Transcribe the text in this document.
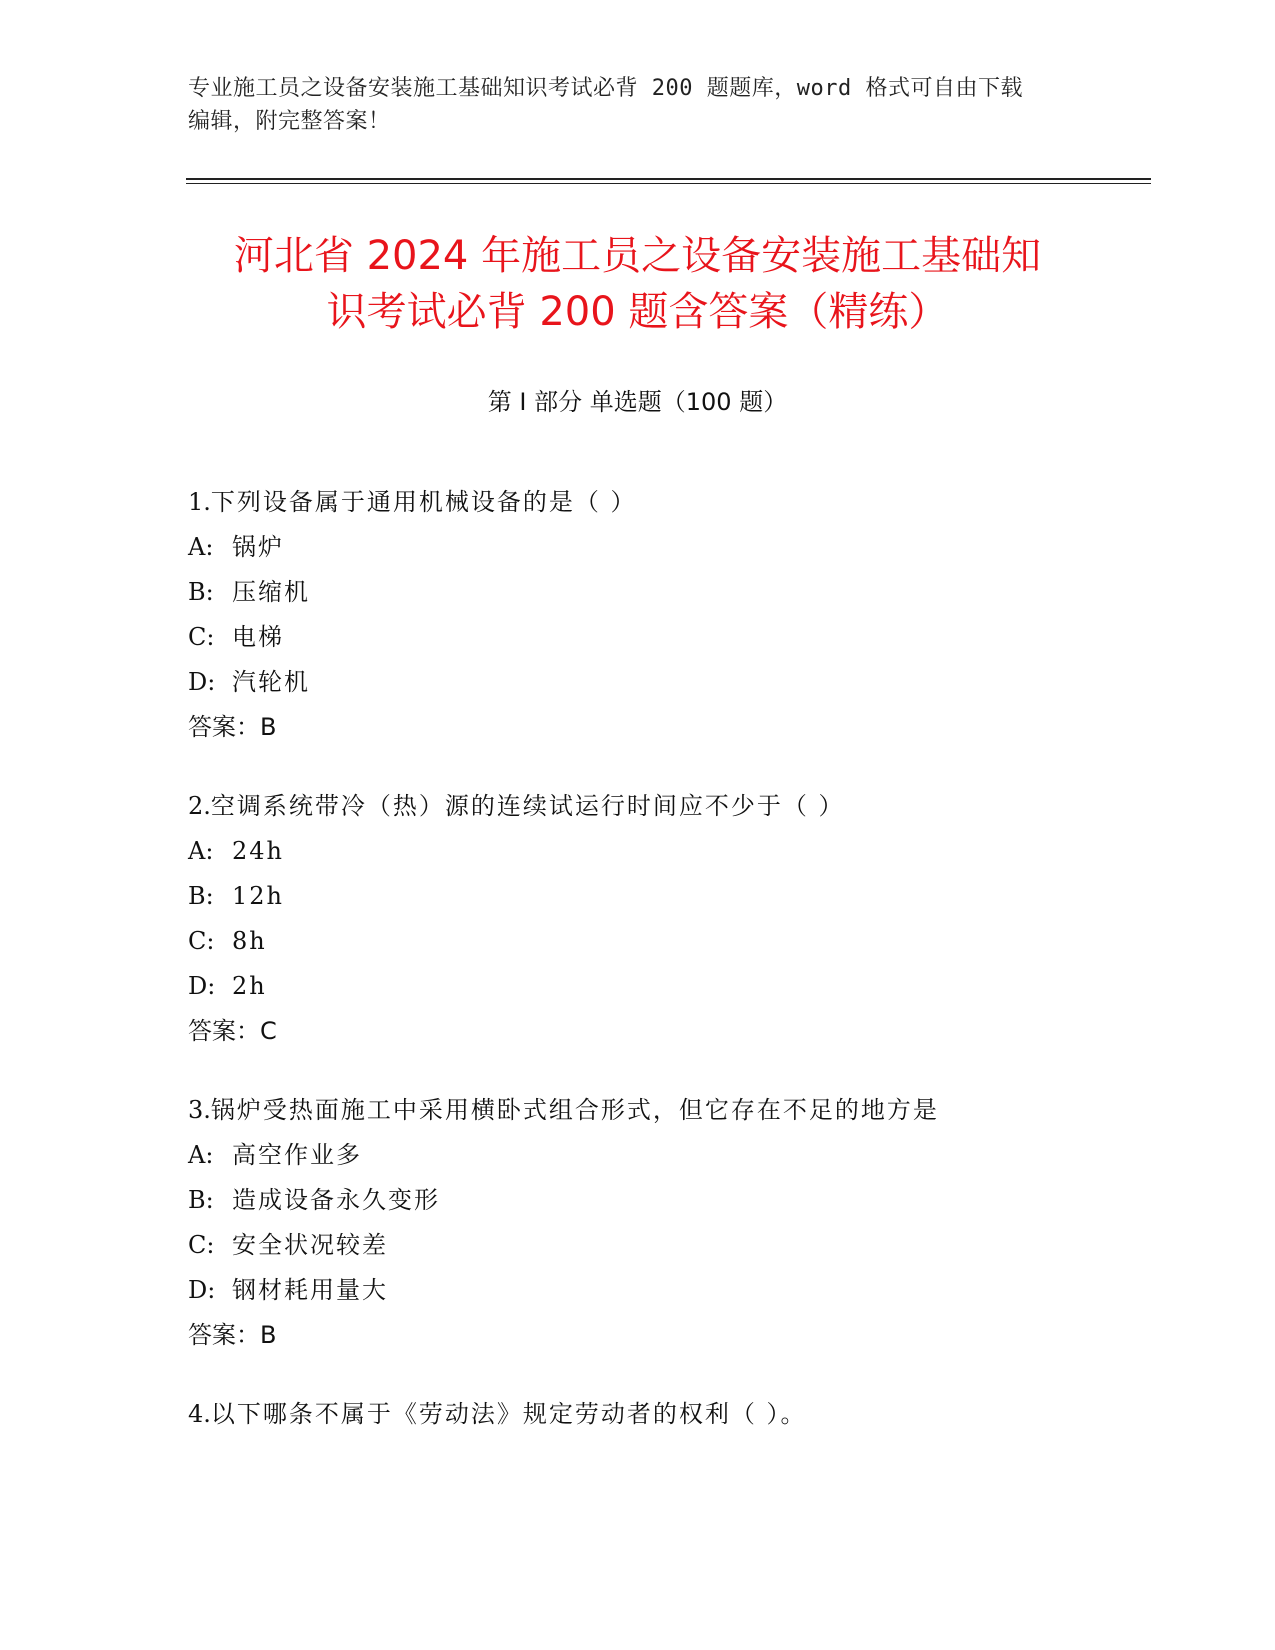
专业施工员之设备安装施工基础知识考试必背 200 题题库，word 格式可自由下载
编辑，附完整答案！
河北省 2024 年施工员之设备安装施工基础知
识考试必背 200 题含答案（精练）
第 I 部分 单选题（100 题）
1.下列设备属于通用机械设备的是（ ）
A: 锅炉
B: 压缩机
C: 电梯
D: 汽轮机
答案：B
2.空调系统带冷（热）源的连续试运行时间应不少于（ ）
A: 24h
B: 12h
C: 8h
D: 2h
答案：C
3.锅炉受热面施工中采用横卧式组合形式，但它存在不足的地方是
A: 高空作业多
B: 造成设备永久变形
C: 安全状况较差
D: 钢材耗用量大
答案：B
4.以下哪条不属于《劳动法》规定劳动者的权利（ ）。
